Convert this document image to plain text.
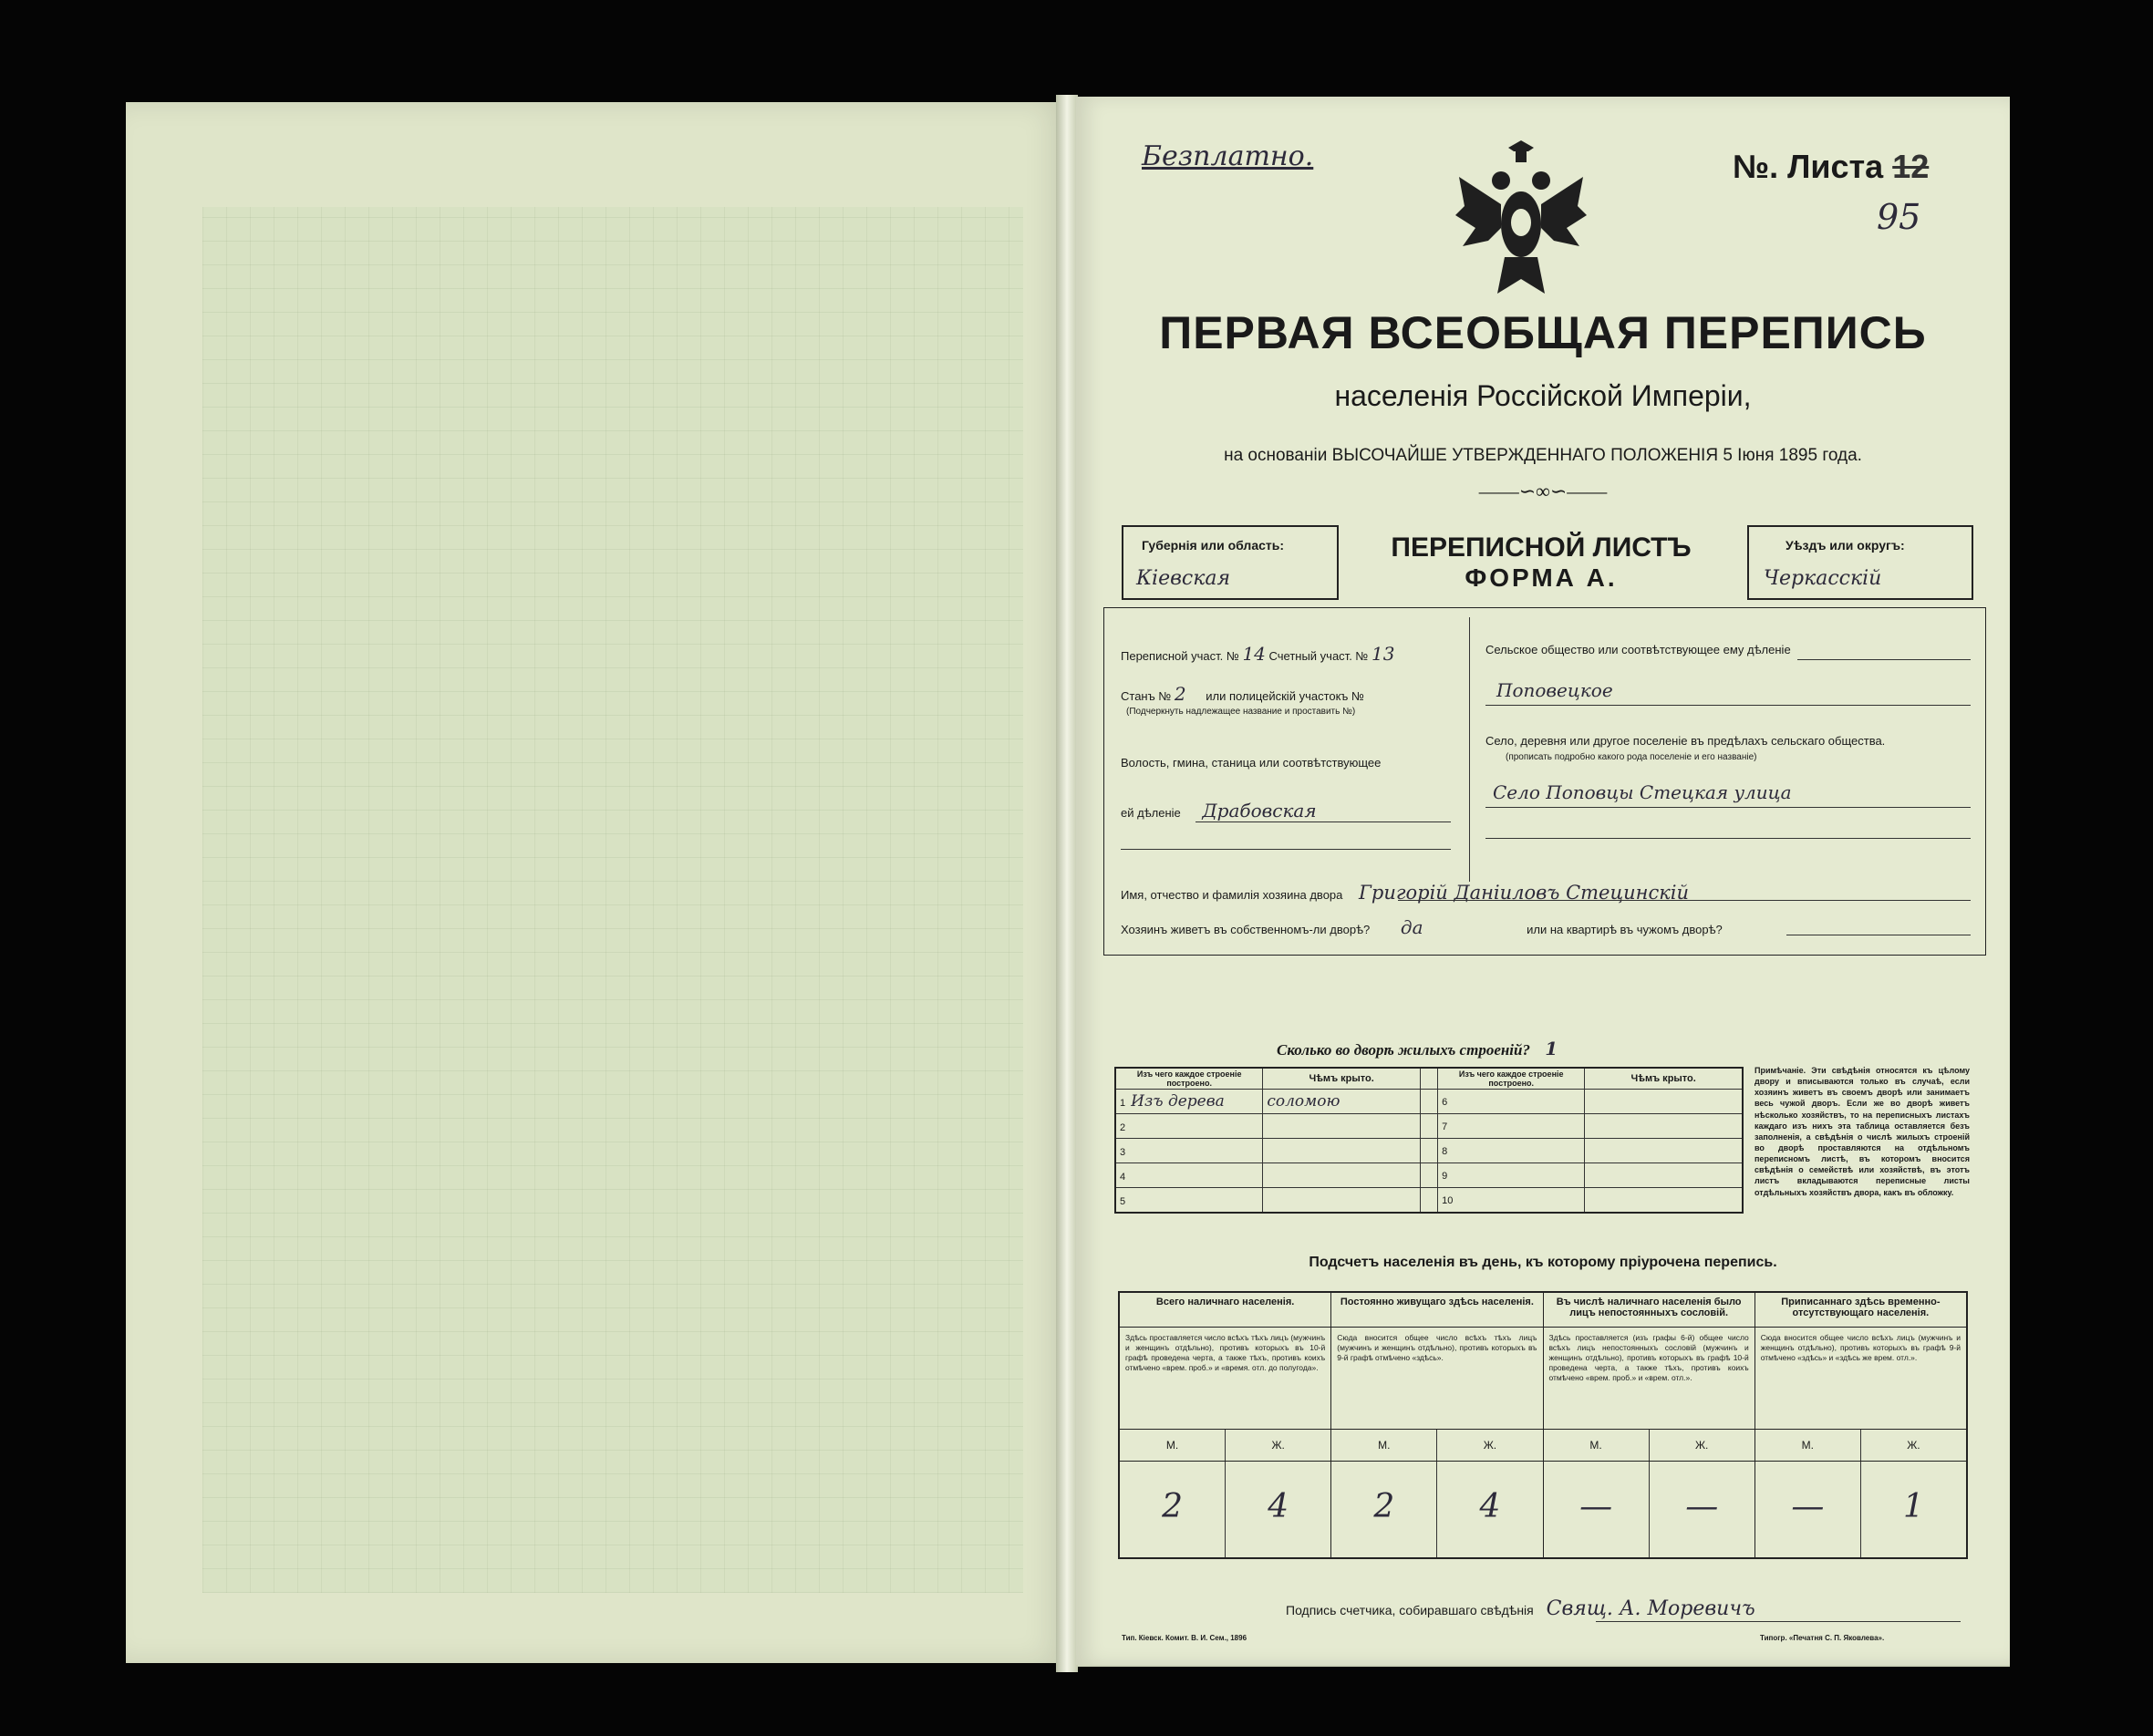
Безплатно.	№. Листа 12
95
ПЕРВАЯ ВСЕОБЩАЯ ПЕРЕПИСЬ
населенія Россійской Имперіи,
на основаніи ВЫСОЧАЙШЕ УТВЕРЖДЕННАГО ПОЛОЖЕНІЯ 5 Іюня 1895 года.
——∽∞∽——
Губернія или область:
Кіевская
ПЕРЕПИСНОЙ ЛИСТЪ
ФОРМА А.
Уѣздъ или округъ:
Черкасскій
Переписной участ. № 14 Счетный участ. № 13
Станъ № 2 или полицейскій участокъ №
(Подчеркнуть надлежащее название и проставить №)
Волость, гмина, станица или соотвѣтствующее
ей дѣленіе Драбовская
Сельское общество или соотвѣтствующее ему дѣленіе
Поповецкое
Село, деревня или другое поселеніе въ предѣлахъ сельскаго общества.
(прописать подробно какого рода поселеніе и его названіе)
Село Поповцы Стецкая улица
Имя, отчество и фамилія хозяина двора Григорій Даніиловъ Стецинскій
Хозяинъ живетъ въ собственномъ-ли дворѣ? да	или на квартирѣ въ чужомъ дворѣ?
Сколько во дворѣ жилыхъ строеній? 1
Изъ чего каждое строеніе построено.	Чѣмъ крыто.		Изъ чего каждое строеніе построено.	Чѣмъ крыто.
1 Изъ дерева	соломою		6	
2			7	
3			8	
4			9	
5			10	
Примѣчаніе. Эти свѣдѣнія относятся къ цѣлому двору и вписываются только въ случаѣ, если хозяинъ живетъ въ своемъ дворѣ или занимаетъ весь чужой дворъ. Если же во дворѣ живетъ нѣсколько хозяйствъ, то на переписныхъ листахъ каждаго изъ нихъ эта таблица оставляется безъ заполненія, а свѣдѣнія о числѣ жилыхъ строеній во дворѣ проставляются на отдѣльномъ переписномъ листѣ, въ которомъ вносится свѣдѣнія о семействѣ или хозяйствѣ, въ этотъ листъ вкладываются переписные листы отдѣльныхъ хозяйствъ двора, какъ въ обложку.
Подсчетъ населенія въ день, къ которому пріурочена перепись.
Всего наличнаго населенія.
Здѣсь проставляется число всѣхъ тѣхъ лицъ (мужчинъ и женщинъ отдѣльно), противъ которыхъ въ 10-й графѣ проведена черта, а также тѣхъ, противъ коихъ отмѣчено «врем. проб.» и «время. отл. до полугода».
М.	Ж.
2	4
Постоянно живущаго здѣсь населенія.
Сюда вносится общее число всѣхъ тѣхъ лицъ (мужчинъ и женщинъ отдѣльно), противъ которыхъ въ 9-й графѣ отмѣчено «здѣсь».
М.	Ж.
2	4
Въ числѣ наличнаго населенія было лицъ непостоянныхъ сословій.
Здѣсь проставляется (изъ графы 6-й) общее число всѣхъ лицъ непостоянныхъ сословій (мужчинъ и женщинъ отдѣльно), противъ которыхъ въ графѣ 10-й проведена черта, а также тѣхъ, противъ коихъ отмѣчено «врем. проб.» и «врем. отл.».
М.	Ж.
—	—
Приписаннаго здѣсь временно-отсутствующаго населенія.
Сюда вносится общее число всѣхъ лицъ (мужчинъ и женщинъ отдѣльно), противъ которыхъ въ графѣ 9-й отмѣчено «здѣсь» и «здѣсь же врем. отл.».
М.	Ж.
—	1
Подпись счетчика, собиравшаго свѣдѣнія Свящ. А. Моревичъ
Тип. Кіевск. Комит. В. И. Сем., 1896	Типогр. «Печатня С. П. Яковлева».
